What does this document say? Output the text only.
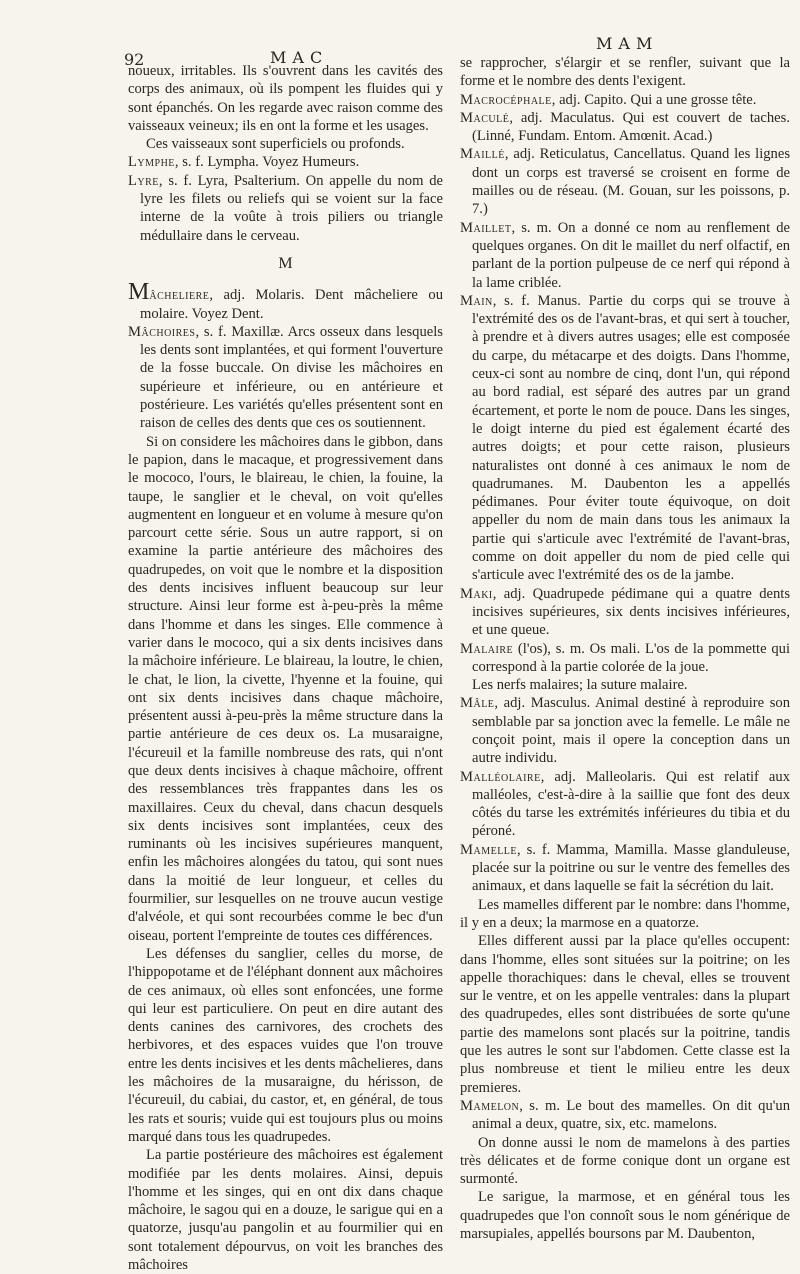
92	MAC
MAM

noueux, irritables. Ils s'ouvrent dans les cavités des corps des animaux, où ils pompent les fluides qui y sont épanchés. On les regarde avec raison comme des vaisseaux veineux; ils en ont la forme et les usages.

Ces vaisseaux sont superficiels ou profonds.

Lymphe, s. f. Lympha. Voyez Humeurs.

Lyre, s. f. Lyra, Psalterium. On appelle du nom de lyre les filets ou reliefs qui se voient sur la face interne de la voûte à trois piliers ou triangle médullaire dans le cerveau.

M

Mâcheliere, adj. Molaris. Dent mâcheliere ou molaire. Voyez Dent.

Mâchoires, s. f. Maxillæ. Arcs osseux dans lesquels les dents sont implantées, et qui forment l'ouverture de la fosse buccale. On divise les mâchoires en supérieure et inférieure, ou en antérieure et postérieure. Les variétés qu'elles présentent sont en raison de celles des dents que ces os soutiennent.

Si on considere les mâchoires dans le gibbon, dans le papion, dans le macaque, et progressivement dans le mococo, l'ours, le blaireau, le chien, la fouine, la taupe, le sanglier et le cheval, on voit qu'elles augmentent en longueur et en volume à mesure qu'on parcourt cette série. Sous un autre rapport, si on examine la partie antérieure des mâchoires des quadrupedes, on voit que le nombre et la disposition des dents incisives influent beaucoup sur leur structure. Ainsi leur forme est à-peu-près la même dans l'homme et dans les singes. Elle commence à varier dans le mococo, qui a six dents incisives dans la mâchoire inférieure. Le blaireau, la loutre, le chien, le chat, le lion, la civette, l'hyenne et la fouine, qui ont six dents incisives dans chaque mâchoire, présentent aussi à-peu-près la même structure dans la partie antérieure de ces deux os. La musaraigne, l'écureuil et la famille nombreuse des rats, qui n'ont que deux dents incisives à chaque mâchoire, offrent des ressemblances très frappantes dans les os maxillaires. Ceux du cheval, dans chacun desquels six dents incisives sont implantées, ceux des ruminants où les incisives supérieures manquent, enfin les mâchoires alongées du tatou, qui sont nues dans la moitié de leur longueur, et celles du fourmilier, sur lesquelles on ne trouve aucun vestige d'alvéole, et qui sont recourbées comme le bec d'un oiseau, portent l'empreinte de toutes ces différences.

Les défenses du sanglier, celles du morse, de l'hippopotame et de l'éléphant donnent aux mâchoires de ces animaux, où elles sont enfoncées, une forme qui leur est particuliere. On peut en dire autant des dents canines des carnivores, des crochets des herbivores, et des espaces vuides que l'on trouve entre les dents incisives et les dents mâchelieres, dans les mâchoires de la musaraigne, du hérisson, de l'écureuil, du cabiai, du castor, et, en général, de tous les rats et souris; vuide qui est toujours plus ou moins marqué dans tous les quadrupedes.

La partie postérieure des mâchoires est également modifiée par les dents molaires. Ainsi, depuis l'homme et les singes, qui en ont dix dans chaque mâchoire, le sagou qui en a douze, le sarigue qui en a quatorze, jusqu'au pangolin et au fourmilier qui en sont totalement dépourvus, on voit les branches des mâchoires

se rapprocher, s'élargir et se renfler, suivant que la forme et le nombre des dents l'exigent.

Macrocéphale, adj. Capito. Qui a une grosse tête.

Maculé, adj. Maculatus. Qui est couvert de taches. (Linné, Fundam. Entom. Amœnit. Acad.)

Maillé, adj. Reticulatus, Cancellatus. Quand les lignes dont un corps est traversé se croisent en forme de mailles ou de réseau. (M. Gouan, sur les poissons, p. 7.)

Maillet, s. m. On a donné ce nom au renflement de quelques organes. On dit le maillet du nerf olfactif, en parlant de la portion pulpeuse de ce nerf qui répond à la lame criblée.

Main, s. f. Manus. Partie du corps qui se trouve à l'extrémité des os de l'avant-bras, et qui sert à toucher, à prendre et à divers autres usages; elle est composée du carpe, du métacarpe et des doigts. Dans l'homme, ceux-ci sont au nombre de cinq, dont l'un, qui répond au bord radial, est séparé des autres par un grand écartement, et porte le nom de pouce. Dans les singes, le doigt interne du pied est également écarté des autres doigts; et pour cette raison, plusieurs naturalistes ont donné à ces animaux le nom de quadrumanes. M. Daubenton les a appellés pédimanes. Pour éviter toute équivoque, on doit appeller du nom de main dans tous les animaux la partie qui s'articule avec l'extrémité de l'avant-bras, comme on doit appeller du nom de pied celle qui s'articule avec l'extrémité des os de la jambe.

Maki, adj. Quadrupede pédimane qui a quatre dents incisives supérieures, six dents incisives inférieures, et une queue.

Malaire (l'os), s. m. Os mali. L'os de la pommette qui correspond à la partie colorée de la joue.

Les nerfs malaires; la suture malaire.

Mâle, adj. Masculus. Animal destiné à reproduire son semblable par sa jonction avec la femelle. Le mâle ne conçoit point, mais il opere la conception dans un autre individu.

Malléolaire, adj. Malleolaris. Qui est relatif aux malléoles, c'est-à-dire à la saillie que font des deux côtés du tarse les extrémités inférieures du tibia et du péroné.

Mamelle, s. f. Mamma, Mamilla. Masse glanduleuse, placée sur la poitrine ou sur le ventre des femelles des animaux, et dans laquelle se fait la sécrétion du lait.

Les mamelles different par le nombre: dans l'homme, il y en a deux; la marmose en a quatorze.

Elles different aussi par la place qu'elles occupent: dans l'homme, elles sont situées sur la poitrine; on les appelle thorachiques: dans le cheval, elles se trouvent sur le ventre, et on les appelle ventrales: dans la plupart des quadrupedes, elles sont distribuées de sorte qu'une partie des mamelons sont placés sur la poitrine, tandis que les autres le sont sur l'abdomen. Cette classe est la plus nombreuse et tient le milieu entre les deux premieres.

Mamelon, s. m. Le bout des mamelles. On dit qu'un animal a deux, quatre, six, etc. mamelons.

On donne aussi le nom de mamelons à des parties très délicates et de forme conique dont un organe est surmonté.

Le sarigue, la marmose, et en général tous les quadrupedes que l'on connoît sous le nom générique de marsupiales, appellés boursons par M. Daubenton,
